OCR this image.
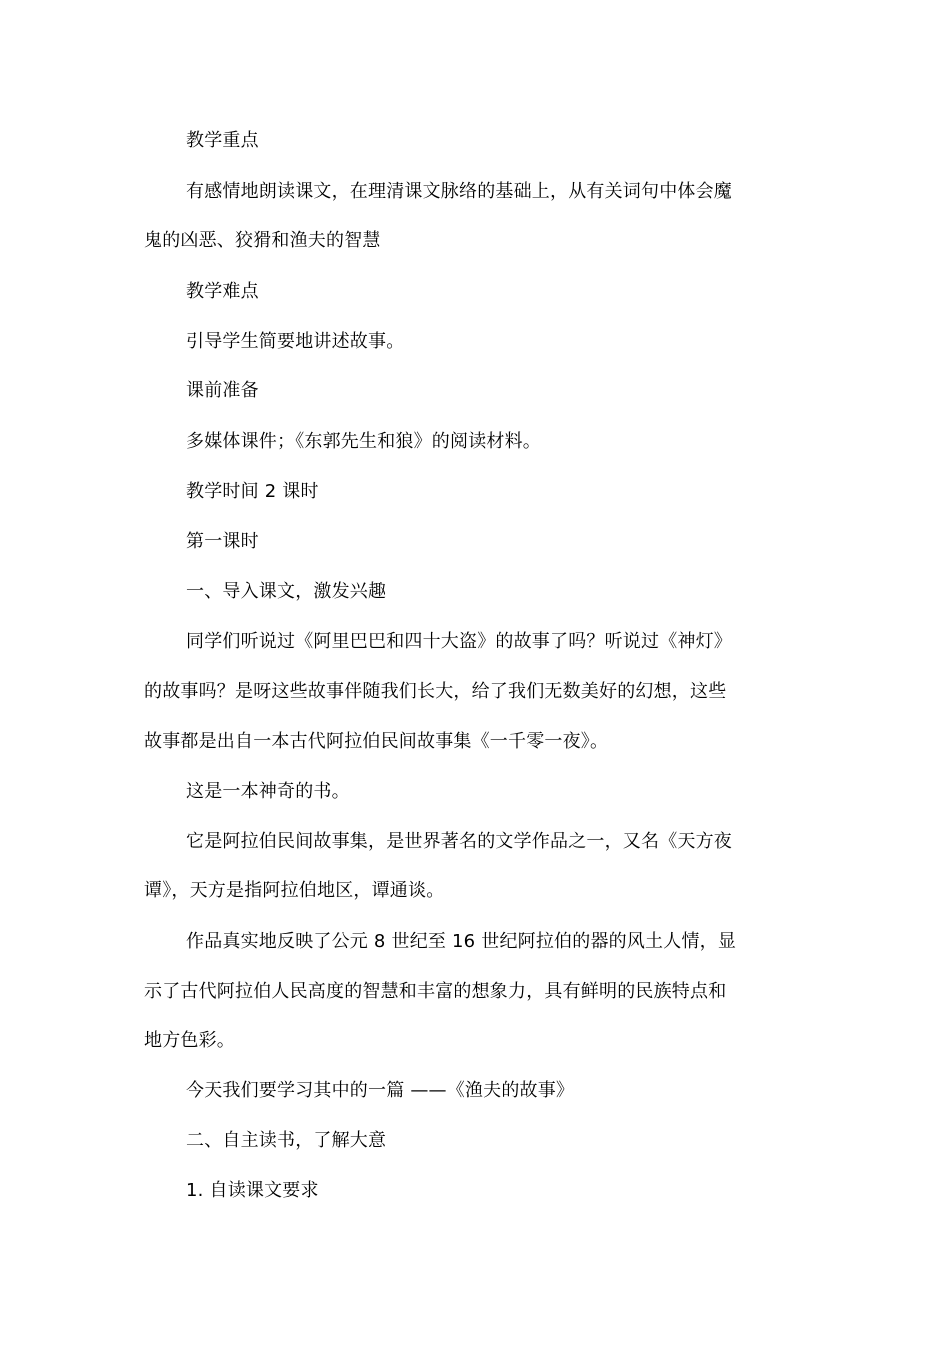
教学重点
有感情地朗读课文，在理清课文脉络的基础上，从有关词句中体会魔
鬼的凶恶、狡猾和渔夫的智慧
教学难点
引导学生简要地讲述故事。
课前准备
多媒体课件；《东郭先生和狼》的阅读材料。
教学时间 2 课时
第一课时
一、导入课文，激发兴趣
同学们听说过《阿里巴巴和四十大盗》的故事了吗？听说过《神灯》
的故事吗？是呀这些故事伴随我们长大，给了我们无数美好的幻想，这些
故事都是出自一本古代阿拉伯民间故事集《一千零一夜》。
这是一本神奇的书。
它是阿拉伯民间故事集，是世界著名的文学作品之一，又名《天方夜
谭》，天方是指阿拉伯地区，谭通谈。
作品真实地反映了公元 8 世纪至 16 世纪阿拉伯的器的风土人情，显
示了古代阿拉伯人民高度的智慧和丰富的想象力，具有鲜明的民族特点和
地方色彩。
今天我们要学习其中的一篇 ——《渔夫的故事》
二、自主读书，了解大意
1. 自读课文要求
